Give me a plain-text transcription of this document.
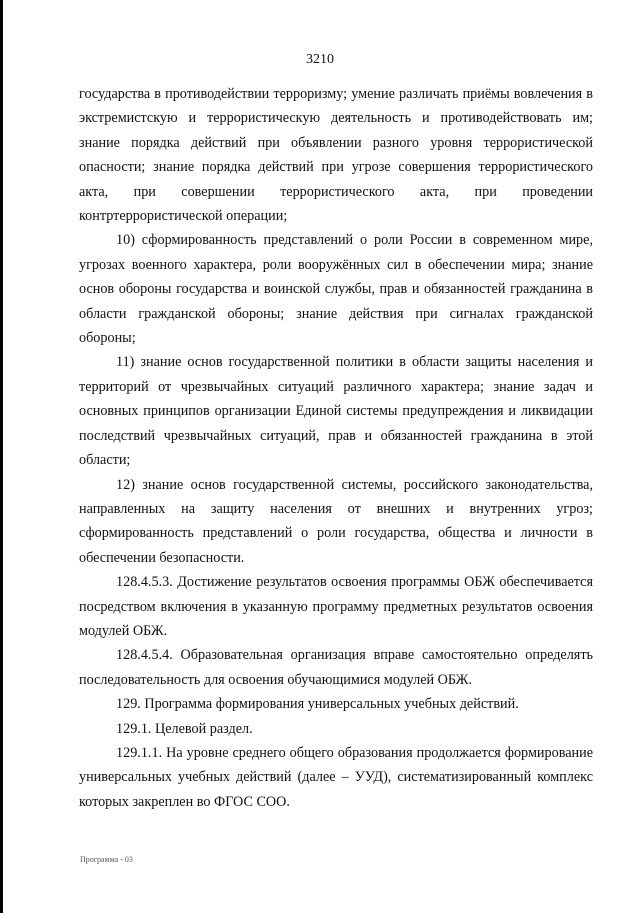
3210

государства в противодействии терроризму; умение различать приёмы вовлечения в экстремистскую и террористическую деятельность и противодействовать им; знание порядка действий при объявлении разного уровня террористической опасности; знание порядка действий при угрозе совершения террористического акта, при совершении террористического акта, при проведении контртеррористической операции;

10) сформированность представлений о роли России в современном мире, угрозах военного характера, роли вооружённых сил в обеспечении мира; знание основ обороны государства и воинской службы, прав и обязанностей гражданина в области гражданской обороны; знание действия при сигналах гражданской обороны;

11) знание основ государственной политики в области защиты населения и территорий от чрезвычайных ситуаций различного характера; знание задач и основных принципов организации Единой системы предупреждения и ликвидации последствий чрезвычайных ситуаций, прав и обязанностей гражданина в этой области;

12) знание основ государственной системы, российского законодательства, направленных на защиту населения от внешних и внутренних угроз; сформированность представлений о роли государства, общества и личности в обеспечении безопасности.

128.4.5.3. Достижение результатов освоения программы ОБЖ обеспечивается посредством включения в указанную программу предметных результатов освоения модулей ОБЖ.

128.4.5.4. Образовательная организация вправе самостоятельно определять последовательность для освоения обучающимися модулей ОБЖ.

129. Программа формирования универсальных учебных действий.

129.1. Целевой раздел.

129.1.1. На уровне среднего общего образования продолжается формирование универсальных учебных действий (далее – УУД), систематизированный комплекс которых закреплен во ФГОС СОО.

Программа - 03
